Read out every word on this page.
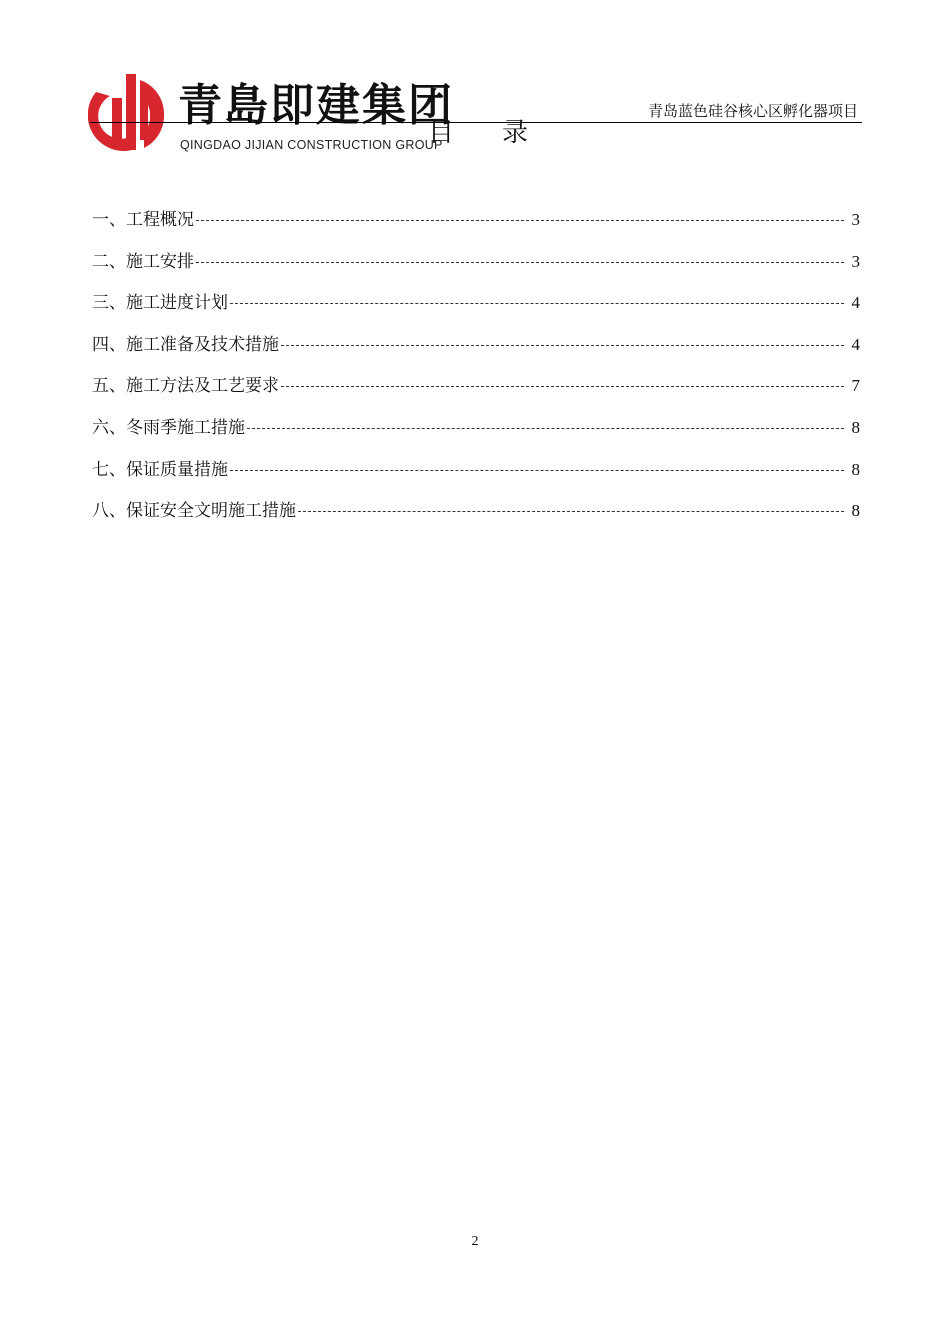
青島即建集团
QINGDAO JIJIAN CONSTRUCTION GROUP
青岛蓝色硅谷核心区孵化器项目
目录
一、工程概况	3
二、施工安排	3
三、施工进度计划	4
四、施工准备及技术措施	4
五、施工方法及工艺要求	7
六、冬雨季施工措施	8
七、保证质量措施	8
八、保证安全文明施工措施	8
2
